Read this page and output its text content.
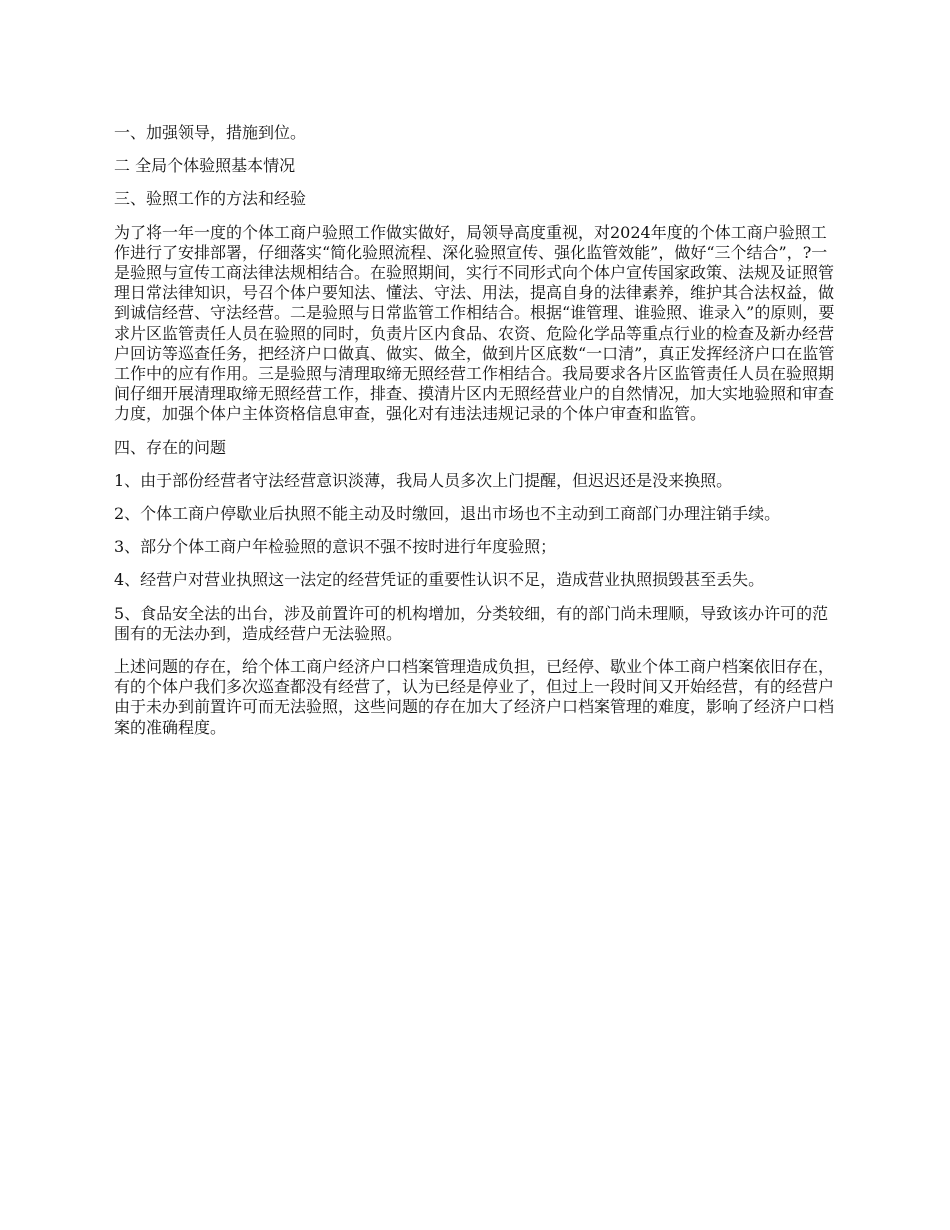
一、加强领导，措施到位。

二 全局个体验照基本情况

三、验照工作的方法和经验

为了将一年一度的个体工商户验照工作做实做好，局领导高度重视，对2024年度的个体工商户验照工作进行了安排部署，仔细落实“简化验照流程、深化验照宣传、强化监管效能”，做好“三个结合”，?一是验照与宣传工商法律法规相结合。在验照期间，实行不同形式向个体户宣传国家政策、法规及证照管理日常法律知识，号召个体户要知法、懂法、守法、用法，提高自身的法律素养，维护其合法权益，做到诚信经营、守法经营。二是验照与日常监管工作相结合。根据“谁管理、谁验照、谁录入”的原则，要求片区监管责任人员在验照的同时，负责片区内食品、农资、危险化学品等重点行业的检查及新办经营户回访等巡查任务，把经济户口做真、做实、做全，做到片区底数“一口清”，真正发挥经济户口在监管工作中的应有作用。三是验照与清理取缔无照经营工作相结合。我局要求各片区监管责任人员在验照期间仔细开展清理取缔无照经营工作，排查、摸清片区内无照经营业户的自然情况，加大实地验照和审查力度，加强个体户主体资格信息审查，强化对有违法违规记录的个体户审查和监管。

四、存在的问题

1、由于部份经营者守法经营意识淡薄，我局人员多次上门提醒，但迟迟还是没来换照。

2、个体工商户停歇业后执照不能主动及时缴回，退出市场也不主动到工商部门办理注销手续。

3、部分个体工商户年检验照的意识不强不按时进行年度验照；

4、经营户对营业执照这一法定的经营凭证的重要性认识不足，造成营业执照损毁甚至丢失。

5、食品安全法的出台，涉及前置许可的机构增加，分类较细，有的部门尚未理顺，导致该办许可的范围有的无法办到，造成经营户无法验照。

上述问题的存在，给个体工商户经济户口档案管理造成负担，已经停、歇业个体工商户档案依旧存在，有的个体户我们多次巡查都没有经营了，认为已经是停业了，但过上一段时间又开始经营，有的经营户由于未办到前置许可而无法验照，这些问题的存在加大了经济户口档案管理的难度，影响了经济户口档案的准确程度。
